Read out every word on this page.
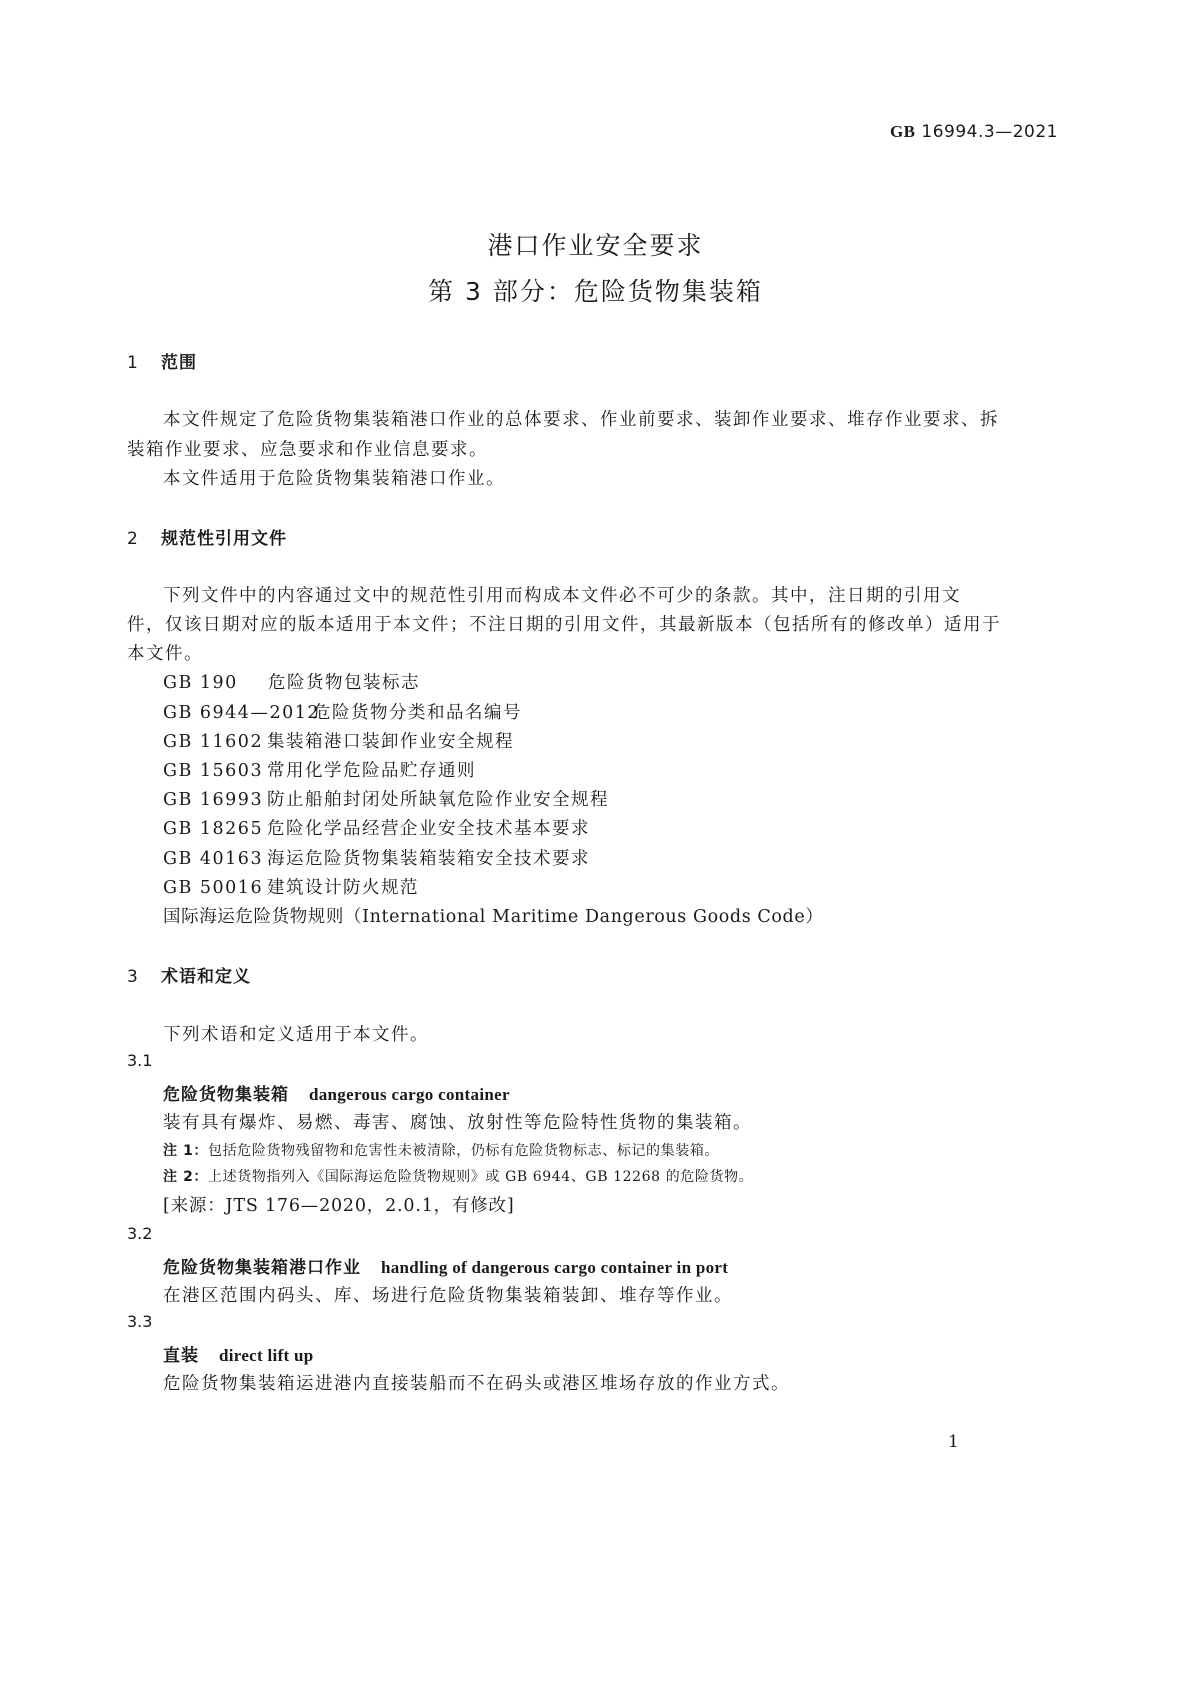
GB 16994.3—2021
港口作业安全要求
第 3 部分：危险货物集装箱
1 范围
本文件规定了危险货物集装箱港口作业的总体要求、作业前要求、装卸作业要求、堆存作业要求、拆
装箱作业要求、应急要求和作业信息要求。
本文件适用于危险货物集装箱港口作业。
2 规范性引用文件
下列文件中的内容通过文中的规范性引用而构成本文件必不可少的条款。其中，注日期的引用文
件，仅该日期对应的版本适用于本文件；不注日期的引用文件，其最新版本（包括所有的修改单）适用于
本文件。
GB 190 危险货物包装标志
GB 6944—2012危险货物分类和品名编号
GB 11602 集装箱港口装卸作业安全规程
GB 15603 常用化学危险品贮存通则
GB 16993 防止船舶封闭处所缺氧危险作业安全规程
GB 18265 危险化学品经营企业安全技术基本要求
GB 40163 海运危险货物集装箱装箱安全技术要求
GB 50016 建筑设计防火规范
国际海运危险货物规则（International Maritime Dangerous Goods Code）
3 术语和定义
下列术语和定义适用于本文件。
3.1
危险货物集装箱 dangerous cargo container
装有具有爆炸、易燃、毒害、腐蚀、放射性等危险特性货物的集装箱。
注 1：包括危险货物残留物和危害性未被清除，仍标有危险货物标志、标记的集装箱。
注 2：上述货物指列入《国际海运危险货物规则》或 GB 6944、GB 12268 的危险货物。
[来源：JTS 176—2020，2.0.1，有修改]
3.2
危险货物集装箱港口作业 handling of dangerous cargo container in port
在港区范围内码头、库、场进行危险货物集装箱装卸、堆存等作业。
3.3
直装 direct lift up
危险货物集装箱运进港内直接装船而不在码头或港区堆场存放的作业方式。
1
